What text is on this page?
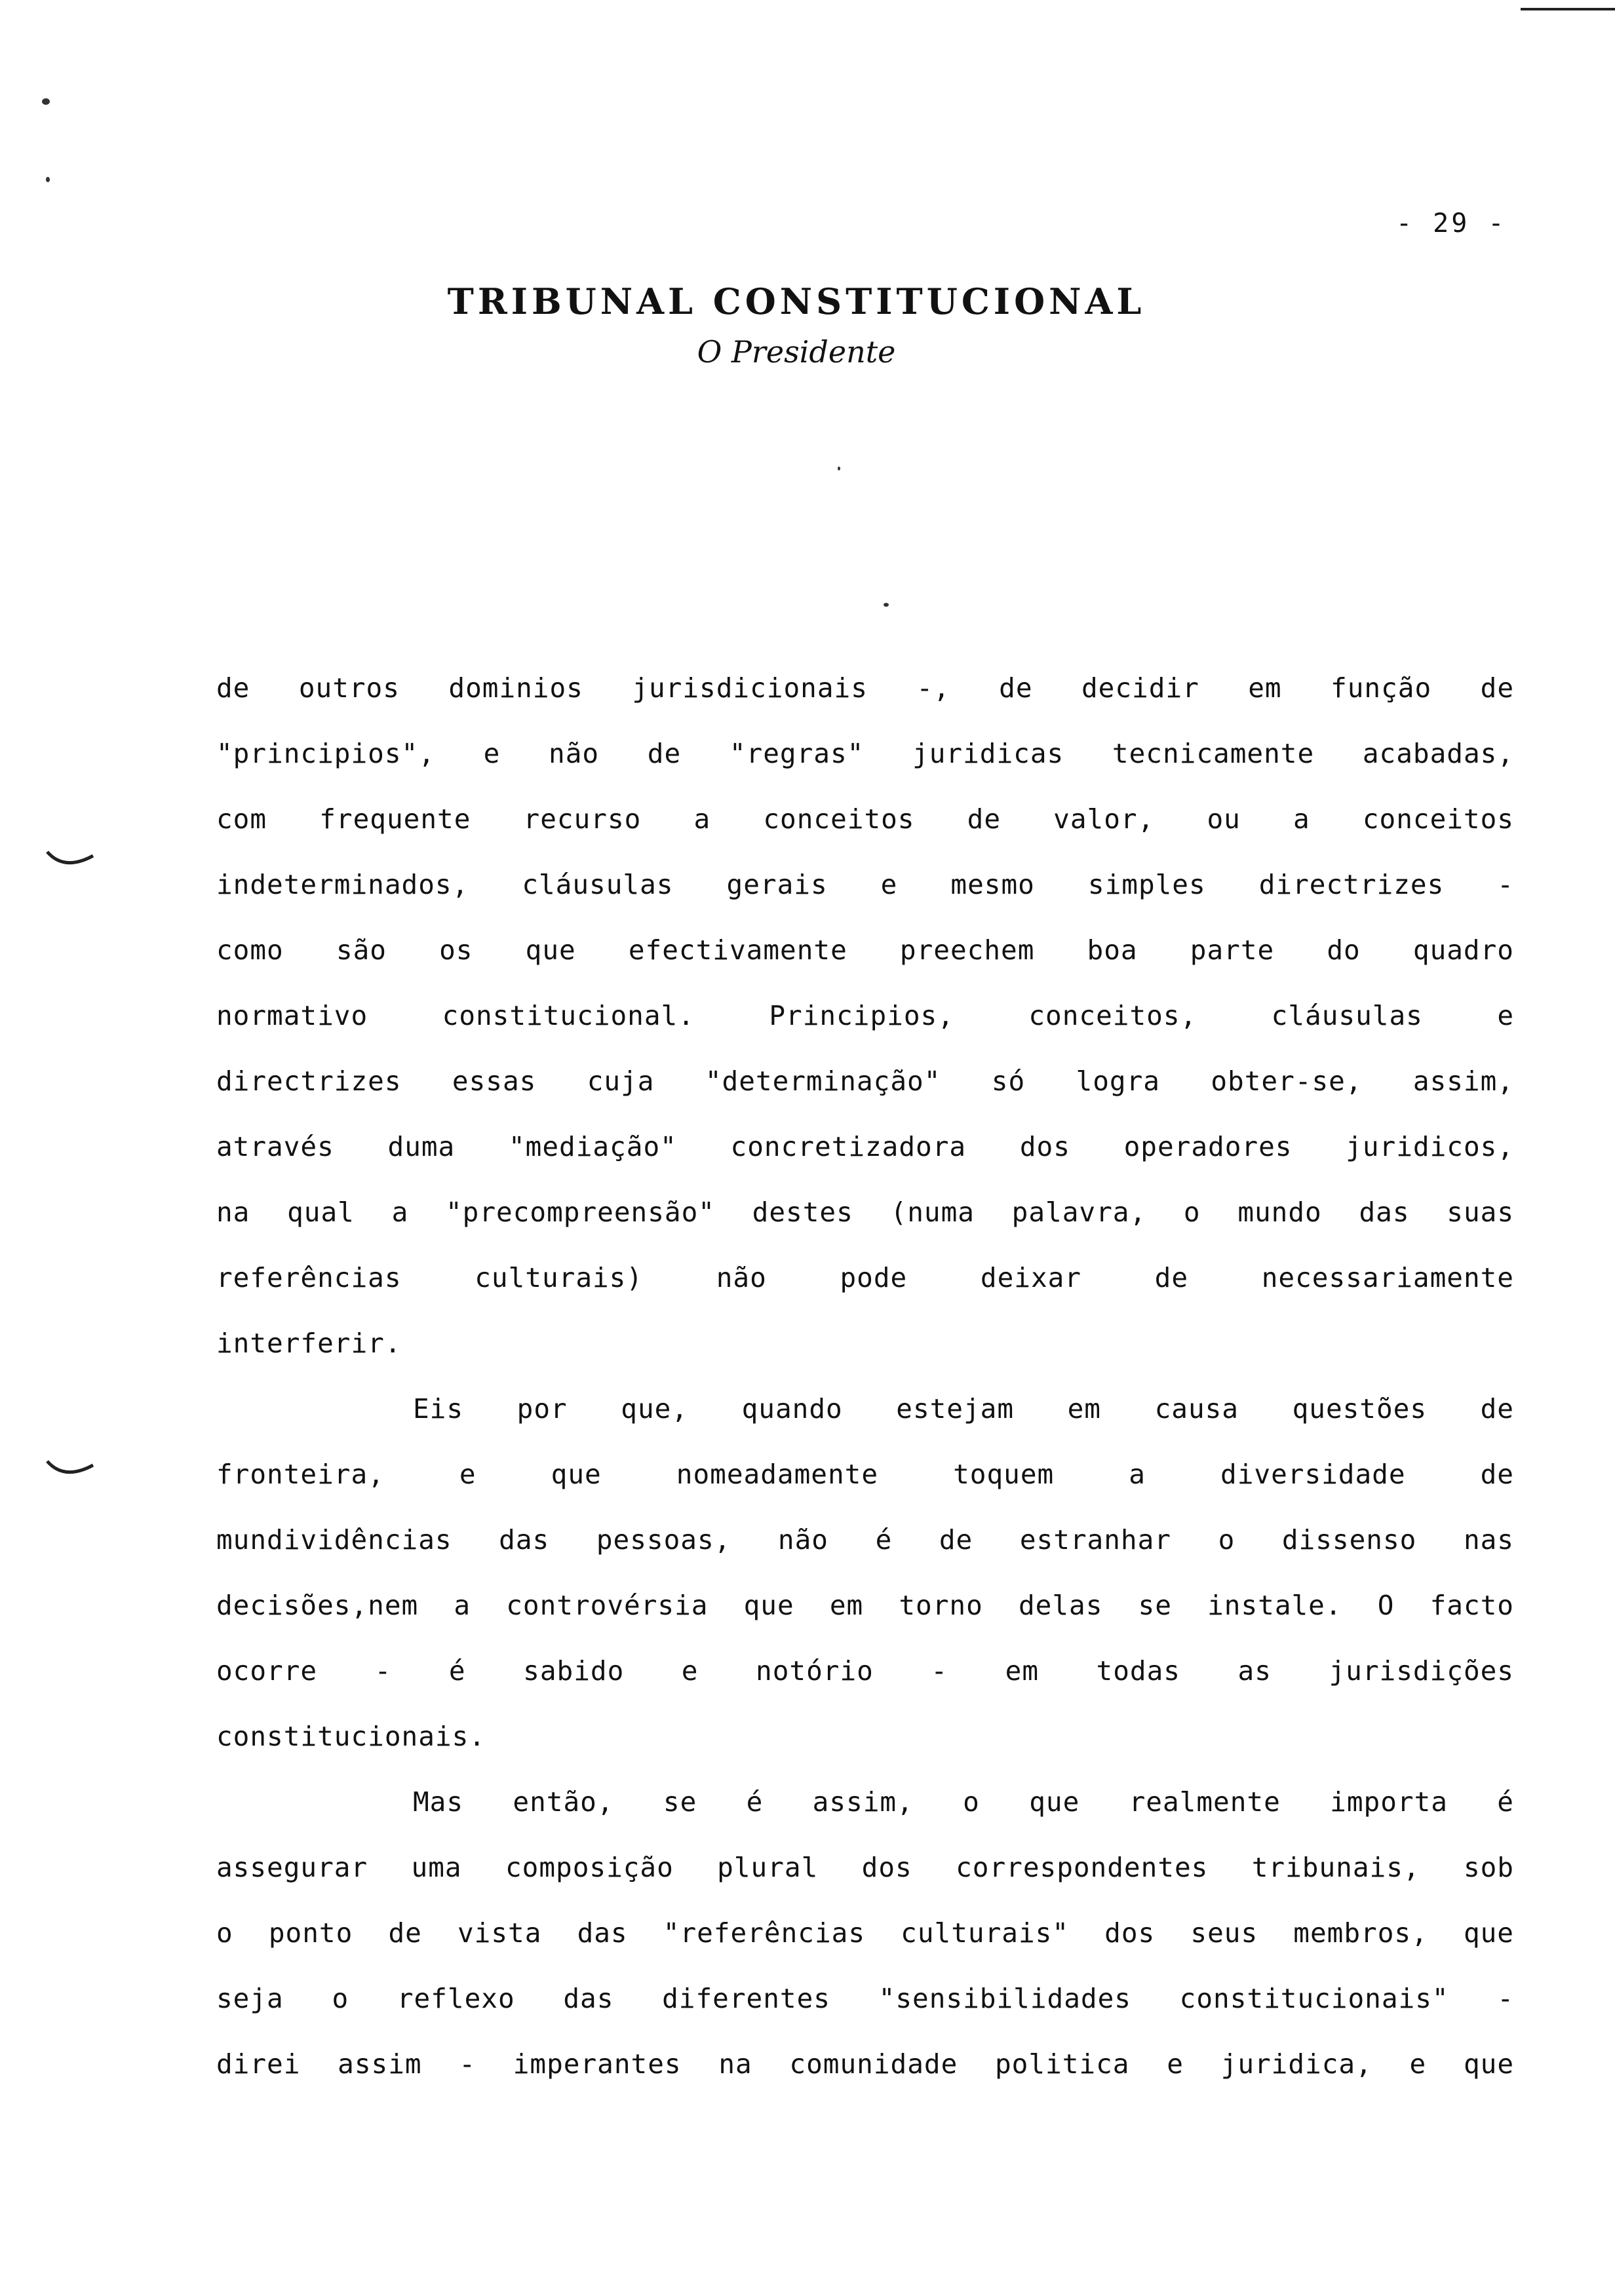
- 29 -
TRIBUNAL CONSTITUCIONAL
O Presidente
de outros dominios jurisdicionais -, de decidir em função de
"principios", e não de "regras" juridicas tecnicamente acabadas,
com frequente recurso a conceitos de valor, ou a conceitos
indeterminados, cláusulas gerais e mesmo simples directrizes -
como são os que efectivamente preechem boa parte do quadro
normativo constitucional. Principios, conceitos, cláusulas e
directrizes essas cuja "determinação" só logra obter-se, assim,
através duma "mediação" concretizadora dos operadores juridicos,
na qual a "precompreensão" destes (numa palavra, o mundo das suas
referências culturais) não pode deixar de necessariamente
interferir.
Eis por que, quando estejam em causa questões de
fronteira, e que nomeadamente toquem a diversidade de
mundividências das pessoas, não é de estranhar o dissenso nas
decisões,nem a controvérsia que em torno delas se instale. O facto
ocorre - é sabido e notório - em todas as jurisdições
constitucionais.
Mas então, se é assim, o que realmente importa é
assegurar uma composição plural dos correspondentes tribunais, sob
o ponto de vista das "referências culturais" dos seus membros, que
seja o reflexo das diferentes "sensibilidades constitucionais" -
direi assim - imperantes na comunidade politica e juridica, e que
